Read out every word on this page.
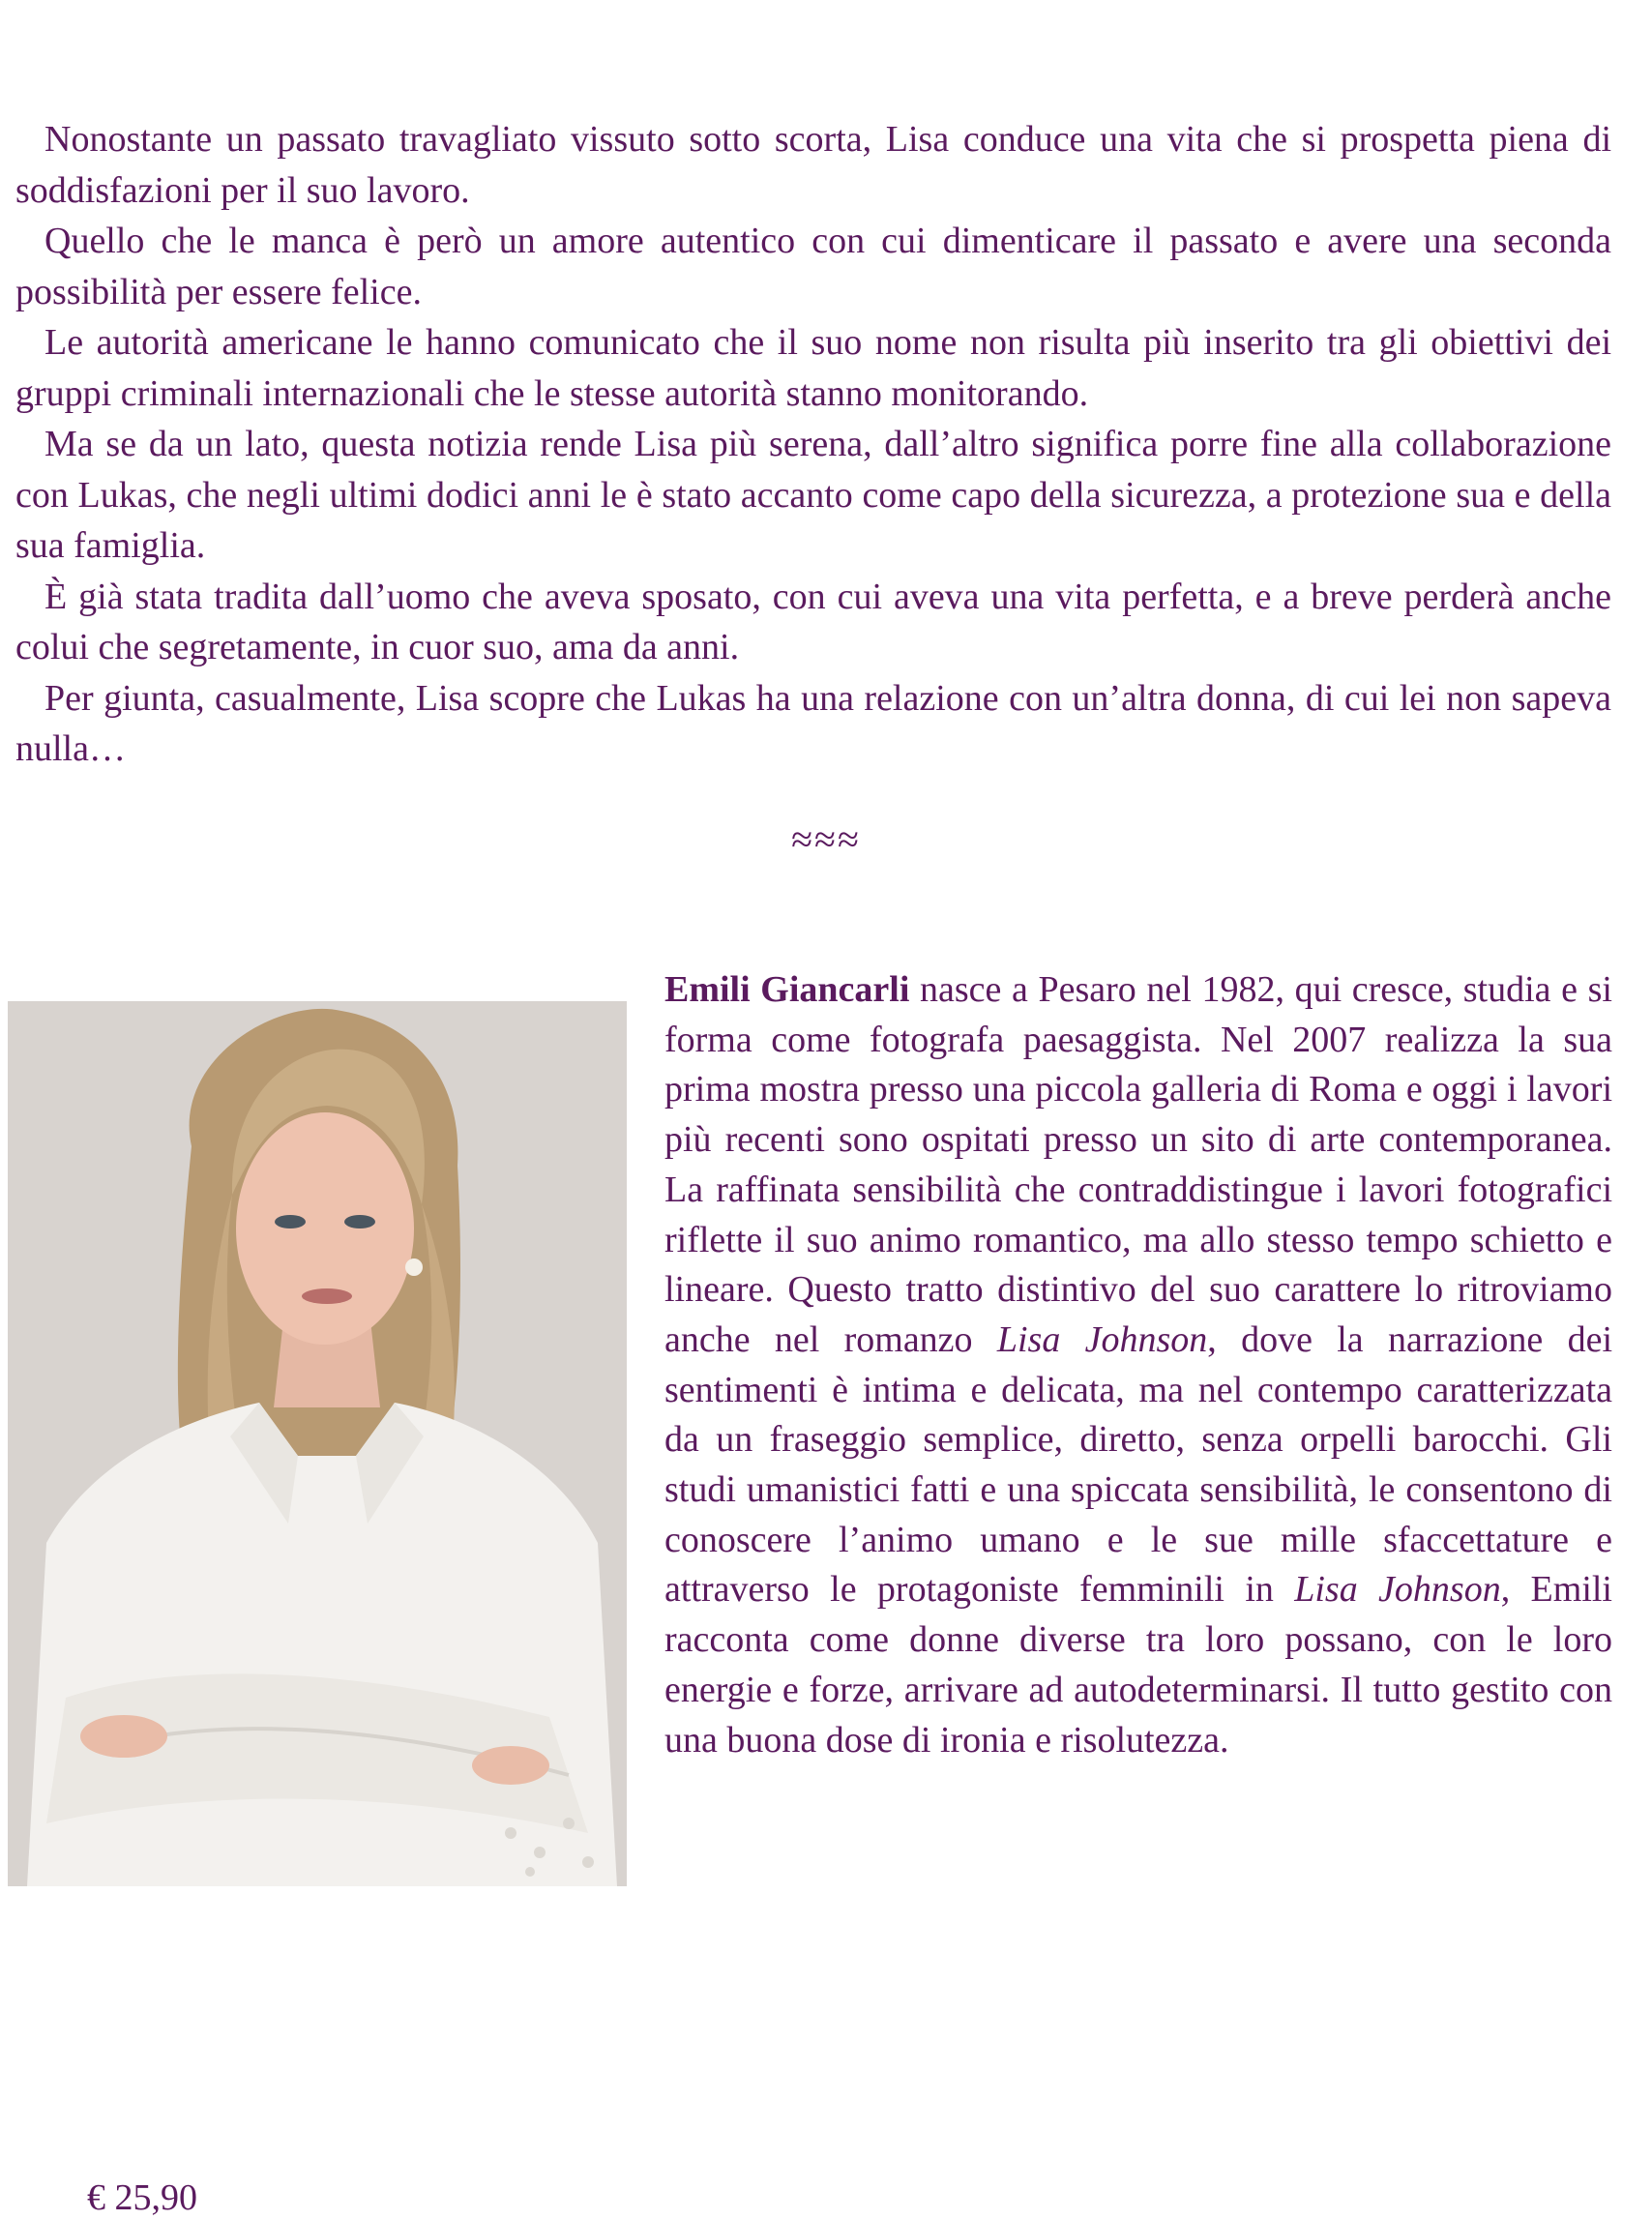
Nonostante un passato travagliato vissuto sotto scorta, Lisa conduce una vita che si prospetta piena di soddisfazioni per il suo lavoro.

Quello che le manca è però un amore autentico con cui dimenticare il passato e avere una seconda possibilità per essere felice.

Le autorità americane le hanno comunicato che il suo nome non risulta più inserito tra gli obiettivi dei gruppi criminali internazionali che le stesse autorità stanno monitorando.

Ma se da un lato, questa notizia rende Lisa più serena, dall’altro significa porre fine alla collaborazione con Lukas, che negli ultimi dodici anni le è stato accanto come capo della sicurezza, a protezione sua e della sua famiglia.

È già stata tradita dall’uomo che aveva sposato, con cui aveva una vita perfetta, e a breve perderà anche colui che segretamente, in cuor suo, ama da anni.

Per giunta, casualmente, Lisa scopre che Lukas ha una relazione con un’altra donna, di cui lei non sapeva nulla…

≈≈≈
Emili Giancarli nasce a Pesaro nel 1982, qui cresce, studia e si forma come fotografa paesaggista. Nel 2007 realizza la sua prima mostra presso una piccola galleria di Roma e oggi i lavori più recenti sono ospitati presso un sito di arte contemporanea. La raffinata sensibilità che contraddistingue i lavori fotografici riflette il suo animo romantico, ma allo stesso tempo schietto e lineare. Questo tratto distintivo del suo carattere lo ritroviamo anche nel romanzo Lisa Johnson, dove la narrazione dei sentimenti è intima e delicata, ma nel contempo caratterizzata da un fraseggio semplice, diretto, senza orpelli barocchi. Gli studi umanistici fatti e una spiccata sensibilità, le consentono di conoscere l’animo umano e le sue mille sfaccettature e attraverso le protagoniste femminili in Lisa Johnson, Emili racconta come donne diverse tra loro possano, con le loro energie e forze, arrivare ad autodeterminarsi. Il tutto gestito con una buona dose di ironia e risolutezza.
€ 25,90
